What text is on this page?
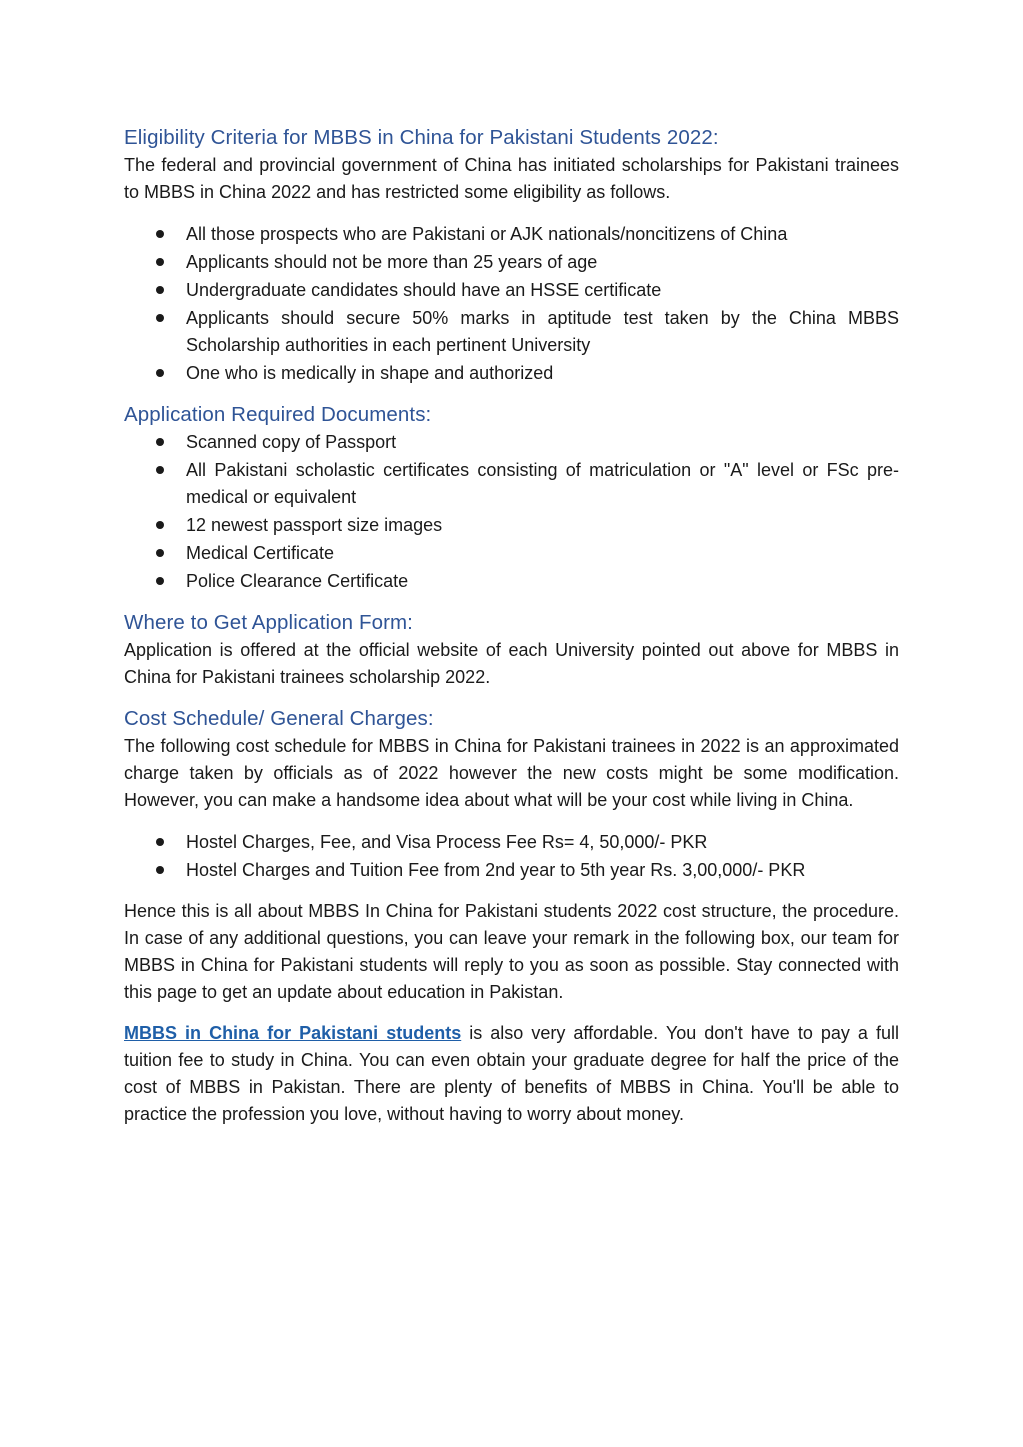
Eligibility Criteria for MBBS in China for Pakistani Students 2022:

The federal and provincial government of China has initiated scholarships for Pakistani trainees to MBBS in China 2022 and has restricted some eligibility as follows.

All those prospects who are Pakistani or AJK nationals/noncitizens of China
Applicants should not be more than 25 years of age
Undergraduate candidates should have an HSSE certificate
Applicants should secure 50% marks in aptitude test taken by the China MBBS Scholarship authorities in each pertinent University
One who is medically in shape and authorized
Application Required Documents:
Scanned copy of Passport
All Pakistani scholastic certificates consisting of matriculation or "A" level or FSc pre-medical or equivalent
12 newest passport size images
Medical Certificate
Police Clearance Certificate
Where to Get Application Form:

Application is offered at the official website of each University pointed out above for MBBS in China for Pakistani trainees scholarship 2022.

Cost Schedule/ General Charges:

The following cost schedule for MBBS in China for Pakistani trainees in 2022 is an approximated charge taken by officials as of 2022 however the new costs might be some modification. However, you can make a handsome idea about what will be your cost while living in China.

Hostel Charges, Fee, and Visa Process Fee Rs= 4, 50,000/- PKR
Hostel Charges and Tuition Fee from 2nd year to 5th year Rs. 3,00,000/- PKR

Hence this is all about MBBS In China for Pakistani students 2022 cost structure, the procedure. In case of any additional questions, you can leave your remark in the following box, our team for MBBS in China for Pakistani students will reply to you as soon as possible. Stay connected with this page to get an update about education in Pakistan.

MBBS in China for Pakistani students is also very affordable. You don't have to pay a full tuition fee to study in China. You can even obtain your graduate degree for half the price of the cost of MBBS in Pakistan. There are plenty of benefits of MBBS in China. You'll be able to practice the profession you love, without having to worry about money.
